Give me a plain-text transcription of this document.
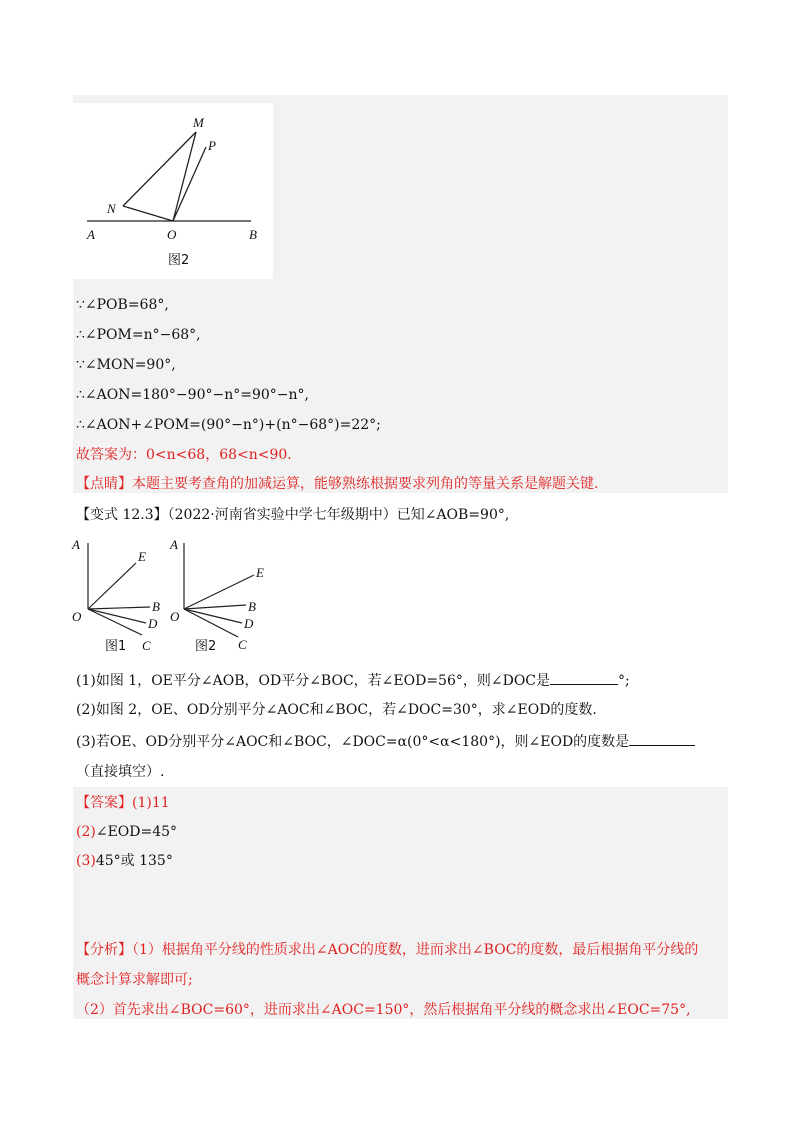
M
P
N
A	O	B
图2
∵∠POB=68°,
∴∠POM=n°−68°,
∵∠MON=90°,
∴∠AON=180°−90°−n°=90°−n°,
∴∠AON+∠POM=(90°−n°)+(n°−68°)=22°;
故答案为：0<n<68，68<n<90.
【点睛】本题主要考查角的加减运算，能够熟练根据要求列角的等量关系是解题关键.
【变式 12.3】（2022·河南省实验中学七年级期中）已知∠AOB=90°,
A
E
O
B
D
C
图1
A
E
O
B
D
C
图2
(1)如图 1，OE平分∠AOB，OD平分∠BOC，若∠EOD=56°，则∠DOC是	°;
(2)如图 2，OE、OD分别平分∠AOC和∠BOC，若∠DOC=30°，求∠EOD的度数.
(3)若OE、OD分别平分∠AOC和∠BOC，∠DOC=α(0°<α<180°)，则∠EOD的度数是
（直接填空）.
【答案】(1)11
(2)∠EOD=45°
(3)45°或 135°
【分析】（1）根据角平分线的性质求出∠AOC的度数，进而求出∠BOC的度数，最后根据角平分线的
概念计算求解即可;
（2）首先求出∠BOC=60°，进而求出∠AOC=150°，然后根据角平分线的概念求出∠EOC=75°,
